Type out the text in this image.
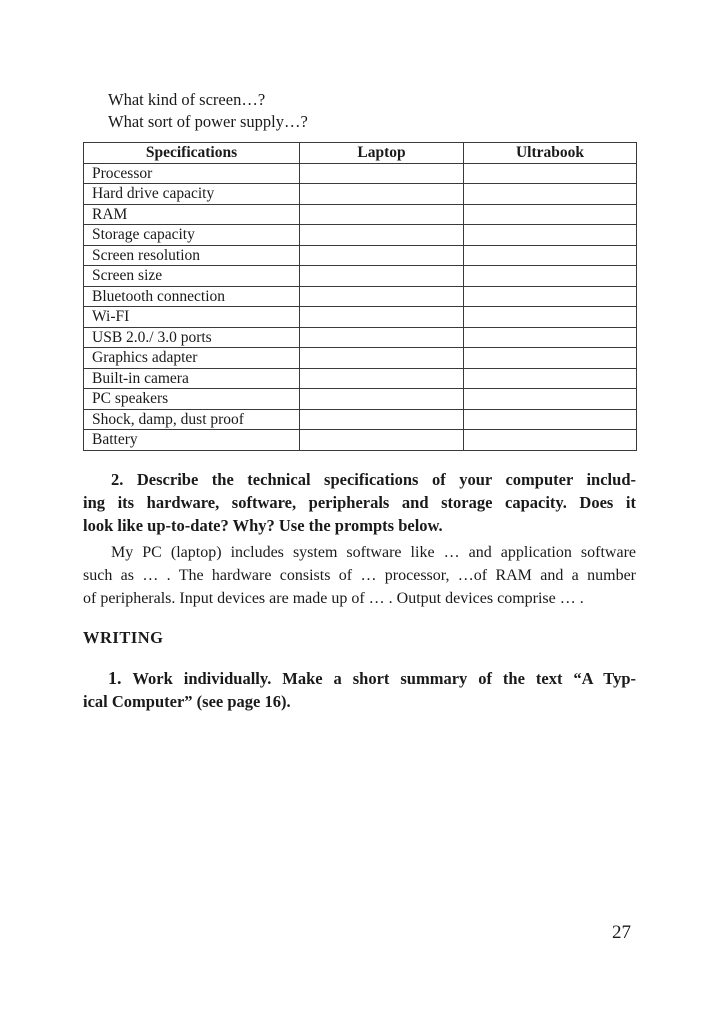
What kind of screen…?
What sort of power supply…?
Specifications	Laptop	Ultrabook
Processor		
Hard drive capacity		
RAM		
Storage capacity		
Screen resolution		
Screen size		
Bluetooth connection		
Wi-FI		
USB 2.0./ 3.0 ports		
Graphics adapter		
Built-in camera		
PC speakers		
Shock, damp, dust proof		
Battery		
2. Describe the technical specifications of your computer includ-
ing its hardware, software, peripherals and storage capacity. Does it
look like up-to-date? Why? Use the prompts below.
My PC (laptop) includes system software like … and application software
such as … . The hardware consists of … processor, …of RAM and a number
of peripherals. Input devices are made up of … . Output devices comprise … .
WRITING
1. Work individually. Make a short summary of the text “A Typ-
ical Computer” (see page 16).
27
